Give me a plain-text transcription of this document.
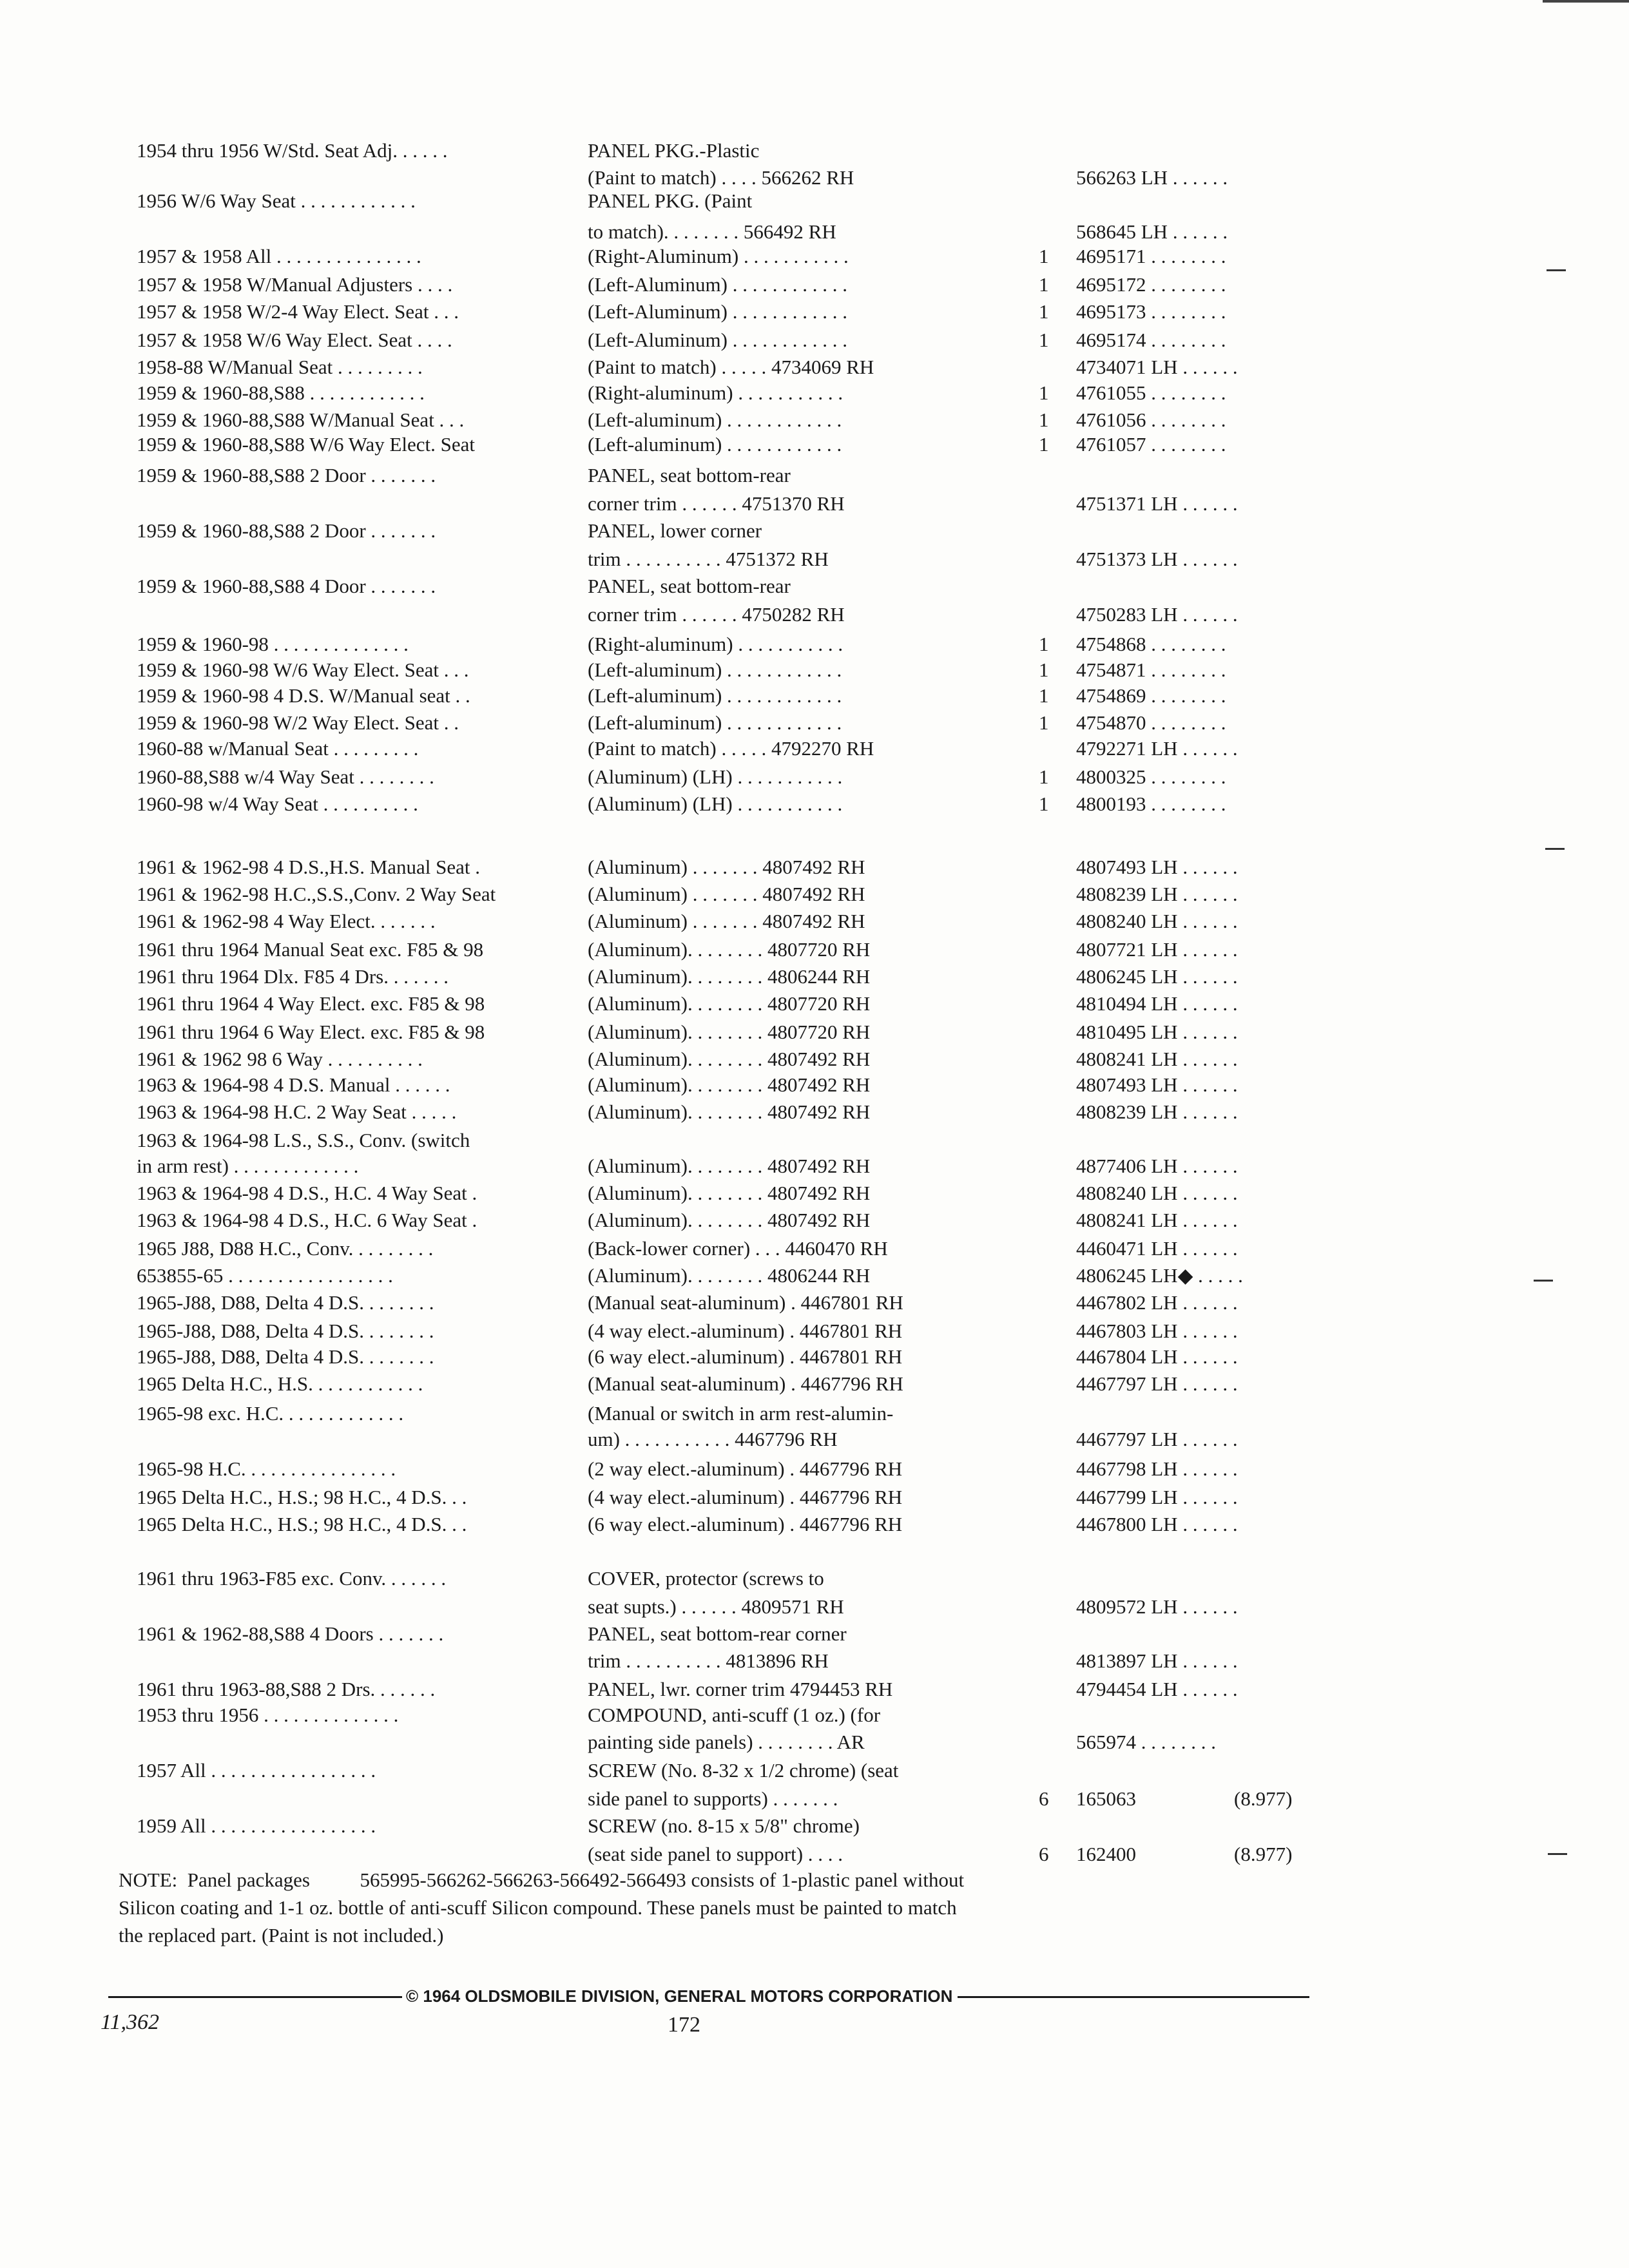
1954 thru 1956 W/Std. Seat Adj. . . . . .	PANEL PKG.-Plastic
(Paint to match) . . . . 566262 RH	566263 LH . . . . . .
1956 W/6 Way Seat . . . . . . . . . . . .	PANEL PKG. (Paint
to match). . . . . . . . 566492 RH	568645 LH . . . . . .
1957 & 1958 All . . . . . . . . . . . . . . .	(Right-Aluminum) . . . . . . . . . . .	1 4695171 . . . . . . . .
1957 & 1958 W/Manual Adjusters . . . .	(Left-Aluminum) . . . . . . . . . . . .	1 4695172 . . . . . . . .
1957 & 1958 W/2-4 Way Elect. Seat . . .	(Left-Aluminum) . . . . . . . . . . . .	1 4695173 . . . . . . . .
1957 & 1958 W/6 Way Elect. Seat . . . .	(Left-Aluminum) . . . . . . . . . . . .	1 4695174 . . . . . . . .
1958-88 W/Manual Seat . . . . . . . . .	(Paint to match) . . . . . 4734069 RH	4734071 LH . . . . . .
1959 & 1960-88,S88 . . . . . . . . . . . .	(Right-aluminum) . . . . . . . . . . .	1 4761055 . . . . . . . .
1959 & 1960-88,S88 W/Manual Seat . . .	(Left-aluminum) . . . . . . . . . . . .	1 4761056 . . . . . . . .
1959 & 1960-88,S88 W/6 Way Elect. Seat	(Left-aluminum) . . . . . . . . . . . .	1 4761057 . . . . . . . .
1959 & 1960-88,S88 2 Door . . . . . . .	PANEL, seat bottom-rear
corner trim . . . . . . 4751370 RH	4751371 LH . . . . . .
1959 & 1960-88,S88 2 Door . . . . . . .	PANEL, lower corner
trim . . . . . . . . . . 4751372 RH	4751373 LH . . . . . .
1959 & 1960-88,S88 4 Door . . . . . . .	PANEL, seat bottom-rear
corner trim . . . . . . 4750282 RH	4750283 LH . . . . . .
1959 & 1960-98 . . . . . . . . . . . . . .	(Right-aluminum) . . . . . . . . . . .	1 4754868 . . . . . . . .
1959 & 1960-98 W/6 Way Elect. Seat . . .	(Left-aluminum) . . . . . . . . . . . .	1 4754871 . . . . . . . .
1959 & 1960-98 4 D.S. W/Manual seat . .	(Left-aluminum) . . . . . . . . . . . .	1 4754869 . . . . . . . .
1959 & 1960-98 W/2 Way Elect. Seat . .	(Left-aluminum) . . . . . . . . . . . .	1 4754870 . . . . . . . .
1960-88 w/Manual Seat . . . . . . . . .	(Paint to match) . . . . . 4792270 RH	4792271 LH . . . . . .
1960-88,S88 w/4 Way Seat . . . . . . . .	(Aluminum) (LH) . . . . . . . . . . .	1 4800325 . . . . . . . .
1960-98 w/4 Way Seat . . . . . . . . . .	(Aluminum) (LH) . . . . . . . . . . .	1 4800193 . . . . . . . .
1961 & 1962-98 4 D.S.,H.S. Manual Seat .	(Aluminum) . . . . . . . 4807492 RH	4807493 LH . . . . . .
1961 & 1962-98 H.C.,S.S.,Conv. 2 Way Seat	(Aluminum) . . . . . . . 4807492 RH	4808239 LH . . . . . .
1961 & 1962-98 4 Way Elect. . . . . . .	(Aluminum) . . . . . . . 4807492 RH	4808240 LH . . . . . .
1961 thru 1964 Manual Seat exc. F85 & 98	(Aluminum). . . . . . . . 4807720 RH	4807721 LH . . . . . .
1961 thru 1964 Dlx. F85 4 Drs. . . . . . .	(Aluminum). . . . . . . . 4806244 RH	4806245 LH . . . . . .
1961 thru 1964 4 Way Elect. exc. F85 & 98	(Aluminum). . . . . . . . 4807720 RH	4810494 LH . . . . . .
1961 thru 1964 6 Way Elect. exc. F85 & 98	(Aluminum). . . . . . . . 4807720 RH	4810495 LH . . . . . .
1961 & 1962 98 6 Way . . . . . . . . . .	(Aluminum). . . . . . . . 4807492 RH	4808241 LH . . . . . .
1963 & 1964-98 4 D.S. Manual . . . . . .	(Aluminum). . . . . . . . 4807492 RH	4807493 LH . . . . . .
1963 & 1964-98 H.C. 2 Way Seat . . . . .	(Aluminum). . . . . . . . 4807492 RH	4808239 LH . . . . . .
1963 & 1964-98 L.S., S.S., Conv. (switch
in arm rest) . . . . . . . . . . . . .	(Aluminum). . . . . . . . 4807492 RH	4877406 LH . . . . . .
1963 & 1964-98 4 D.S., H.C. 4 Way Seat .	(Aluminum). . . . . . . . 4807492 RH	4808240 LH . . . . . .
1963 & 1964-98 4 D.S., H.C. 6 Way Seat .	(Aluminum). . . . . . . . 4807492 RH	4808241 LH . . . . . .
1965 J88, D88 H.C., Conv. . . . . . . . .	(Back-lower corner) . . . 4460470 RH	4460471 LH . . . . . .
653855-65 . . . . . . . . . . . . . . . . .	(Aluminum). . . . . . . . 4806244 RH	4806245 LH◆ . . . . .
1965-J88, D88, Delta 4 D.S. . . . . . . .	(Manual seat-aluminum) . 4467801 RH	4467802 LH . . . . . .
1965-J88, D88, Delta 4 D.S. . . . . . . .	(4 way elect.-aluminum) . 4467801 RH	4467803 LH . . . . . .
1965-J88, D88, Delta 4 D.S. . . . . . . .	(6 way elect.-aluminum) . 4467801 RH	4467804 LH . . . . . .
1965 Delta H.C., H.S. . . . . . . . . . . .	(Manual seat-aluminum) . 4467796 RH	4467797 LH . . . . . .
1965-98 exc. H.C. . . . . . . . . . . . .	(Manual or switch in arm rest-alumin-
um) . . . . . . . . . . . 4467796 RH	4467797 LH . . . . . .
1965-98 H.C. . . . . . . . . . . . . . . .	(2 way elect.-aluminum) . 4467796 RH	4467798 LH . . . . . .
1965 Delta H.C., H.S.; 98 H.C., 4 D.S. . .	(4 way elect.-aluminum) . 4467796 RH	4467799 LH . . . . . .
1965 Delta H.C., H.S.; 98 H.C., 4 D.S. . .	(6 way elect.-aluminum) . 4467796 RH	4467800 LH . . . . . .
1961 thru 1963-F85 exc. Conv. . . . . . .	COVER, protector (screws to
seat supts.) . . . . . . 4809571 RH	4809572 LH . . . . . .
1961 & 1962-88,S88 4 Doors . . . . . . .	PANEL, seat bottom-rear corner
trim . . . . . . . . . . 4813896 RH	4813897 LH . . . . . .
1961 thru 1963-88,S88 2 Drs. . . . . . .	PANEL, lwr. corner trim 4794453 RH	4794454 LH . . . . . .
1953 thru 1956 . . . . . . . . . . . . . .	COMPOUND, anti-scuff (1 oz.) (for
painting side panels) . . . . . . . . AR	565974 . . . . . . . .
1957 All . . . . . . . . . . . . . . . . .	SCREW (No. 8-32 x 1/2 chrome) (seat
side panel to supports) . . . . . . .	6 165063	(8.977)
1959 All . . . . . . . . . . . . . . . . .	SCREW (no. 8-15 x 5/8" chrome)
(seat side panel to support) . . . .	6 162400	(8.977)
NOTE:  Panel packages          565995-566262-566263-566492-566493 consists of 1-plastic panel without
Silicon coating and 1-1 oz. bottle of anti-scuff Silicon compound. These panels must be painted to match
the replaced part. (Paint is not included.)
© 1964 OLDSMOBILE DIVISION, GENERAL MOTORS CORPORATION
11,362	172
